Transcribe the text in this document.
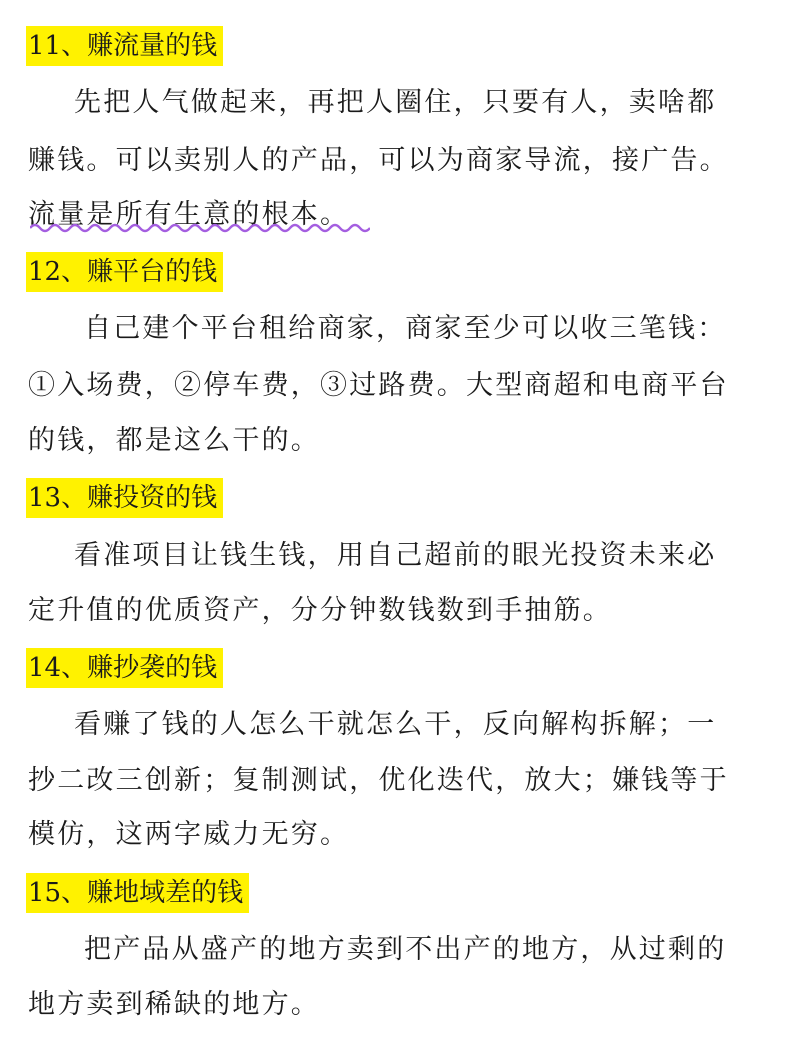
11、赚流量的钱
先把人气做起来，再把人圈住，只要有人，卖啥都
赚钱。可以卖别人的产品，可以为商家导流，接广告。
流量是所有生意的根本。
12、赚平台的钱
自己建个平台租给商家，商家至少可以收三笔钱：
①入场费，②停车费，③过路费。大型商超和电商平台
的钱，都是这么干的。
13、赚投资的钱
看准项目让钱生钱，用自己超前的眼光投资未来必
定升值的优质资产，分分钟数钱数到手抽筋。
14、赚抄袭的钱
看赚了钱的人怎么干就怎么干，反向解构拆解；一
抄二改三创新；复制测试，优化迭代，放大；嫌钱等于
模仿，这两字威力无穷。
15、赚地域差的钱
把产品从盛产的地方卖到不出产的地方，从过剩的
地方卖到稀缺的地方。
